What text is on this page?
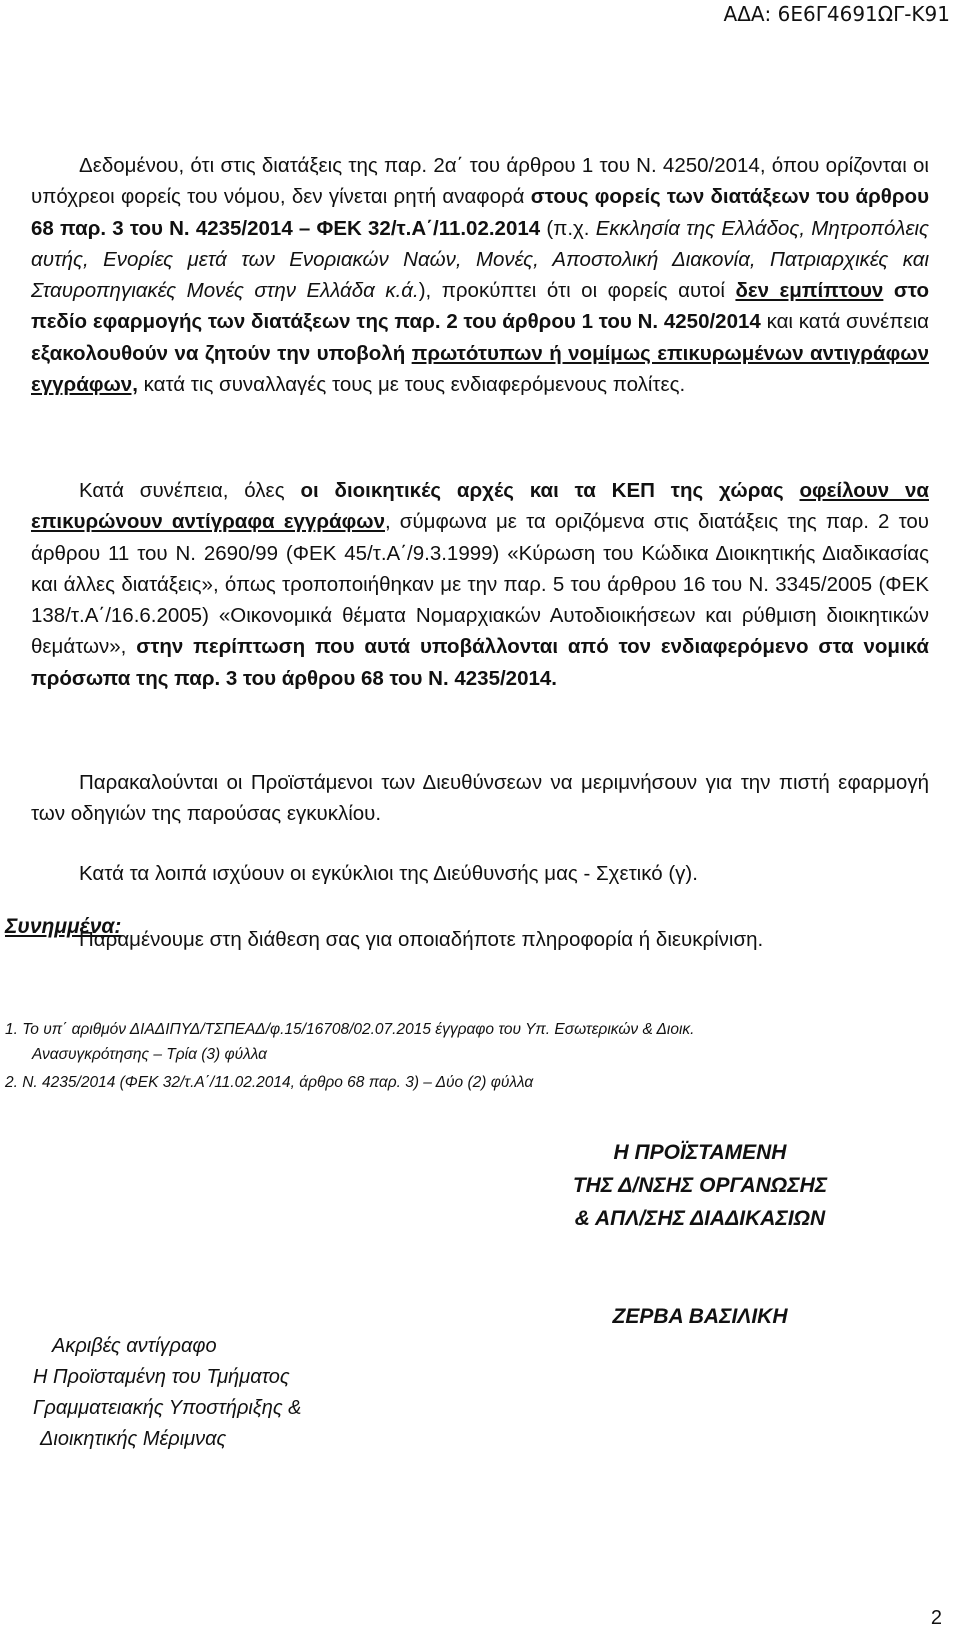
ΑΔΑ: 6Ε6Γ4691ΩΓ-Κ91
Δεδομένου, ότι στις διατάξεις της παρ. 2α΄ του άρθρου 1 του Ν. 4250/2014, όπου ορίζονται οι υπόχρεοι φορείς του νόμου, δεν γίνεται ρητή αναφορά στους φορείς των διατάξεων του άρθρου 68 παρ. 3 του Ν. 4235/2014 – ΦΕΚ 32/τ.Α΄/11.02.2014 (π.χ. Εκκλησία της Ελλάδος, Μητροπόλεις αυτής, Ενορίες μετά των Ενοριακών Ναών, Μονές, Αποστολική Διακονία, Πατριαρχικές και Σταυροπηγιακές Μονές στην Ελλάδα κ.ά.), προκύπτει ότι οι φορείς αυτοί δεν εμπίπτουν στο πεδίο εφαρμογής των διατάξεων της παρ. 2 του άρθρου 1 του Ν. 4250/2014 και κατά συνέπεια εξακολουθούν να ζητούν την υποβολή πρωτότυπων ή νομίμως επικυρωμένων αντιγράφων εγγράφων, κατά τις συναλλαγές τους με τους ενδιαφερόμενους πολίτες.
Κατά συνέπεια, όλες οι διοικητικές αρχές και τα ΚΕΠ της χώρας οφείλουν να επικυρώνουν αντίγραφα εγγράφων, σύμφωνα με τα οριζόμενα στις διατάξεις της παρ. 2 του άρθρου 11 του Ν. 2690/99 (ΦΕΚ 45/τ.Α΄/9.3.1999) «Κύρωση του Κώδικα Διοικητικής Διαδικασίας και άλλες διατάξεις», όπως τροποποιήθηκαν με την παρ. 5 του άρθρου 16 του Ν. 3345/2005 (ΦΕΚ 138/τ.Α΄/16.6.2005) «Οικονομικά θέματα Νομαρχιακών Αυτοδιοικήσεων και ρύθμιση διοικητικών θεμάτων», στην περίπτωση που αυτά υποβάλλονται από τον ενδιαφερόμενο στα νομικά πρόσωπα της παρ. 3 του άρθρου 68 του Ν. 4235/2014.
Παρακαλούνται οι Προϊστάμενοι των Διευθύνσεων να μεριμνήσουν για την πιστή εφαρμογή των οδηγιών της παρούσας εγκυκλίου.
Κατά τα λοιπά ισχύουν οι εγκύκλιοι της Διεύθυνσής μας - Σχετικό (γ).
Παραμένουμε στη διάθεση σας για οποιαδήποτε πληροφορία ή διευκρίνιση.
Συνημμένα:
1. Το υπ΄ αριθμόν ΔΙΑΔΙΠΥΔ/ΤΣΠΕΑΔ/φ.15/16708/02.07.2015 έγγραφο του Υπ. Εσωτερικών & Διοικ.
Ανασυγκρότησης – Τρία (3) φύλλα
2. Ν. 4235/2014 (ΦΕΚ 32/τ.Α΄/11.02.2014, άρθρο 68 παρ. 3) – Δύο (2) φύλλα
Η ΠΡΟΪΣΤΑΜΕΝΗ
ΤΗΣ Δ/ΝΣΗΣ ΟΡΓΑΝΩΣΗΣ
& ΑΠΛ/ΣΗΣ ΔΙΑΔΙΚΑΣΙΩΝ
ΖΕΡΒΑ ΒΑΣΙΛΙΚΗ
Ακριβές αντίγραφο
Η Προϊσταμένη του Τμήματος
Γραμματειακής Υποστήριξης &
Διοικητικής Μέριμνας
2
